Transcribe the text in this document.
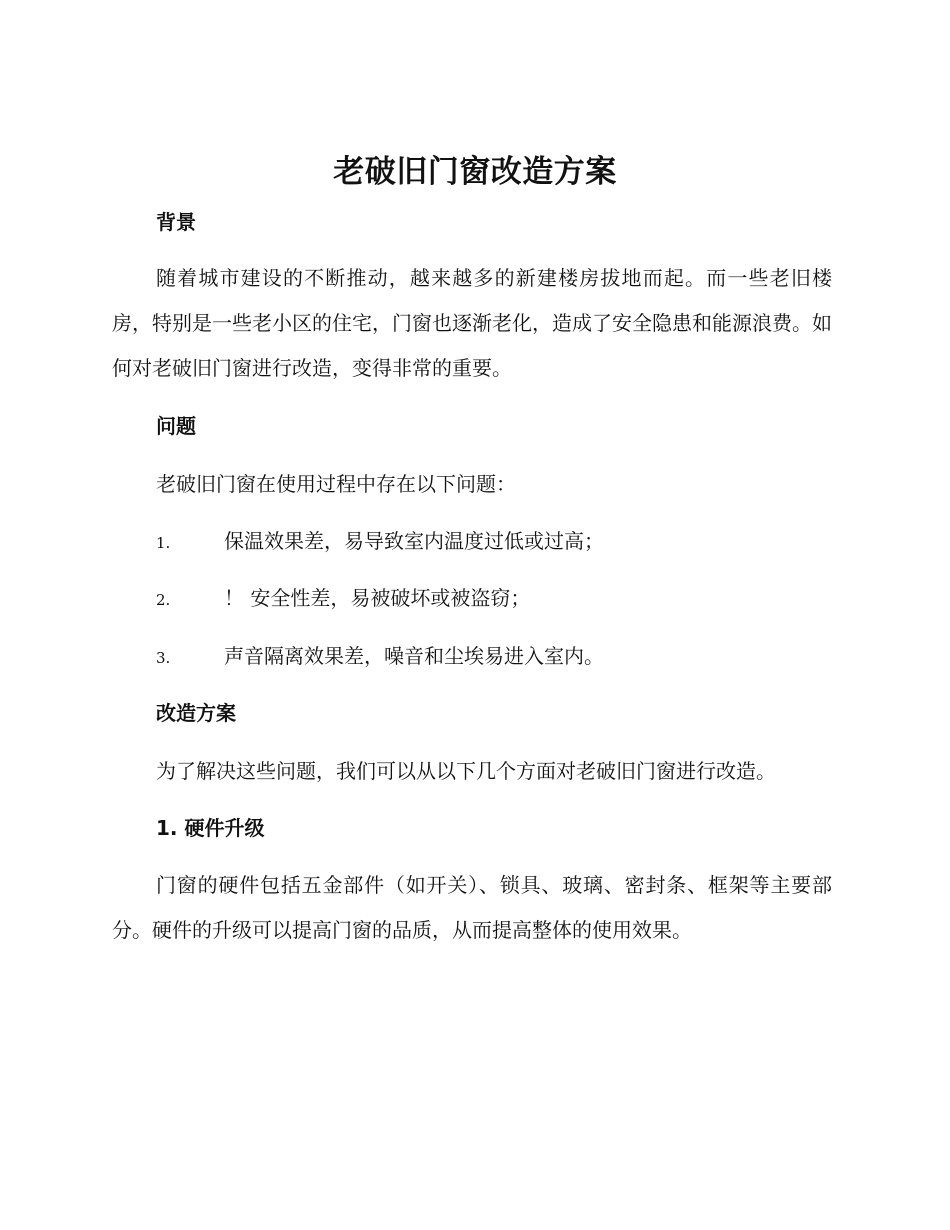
老破旧门窗改造方案
背景

随着城市建设的不断推动，越来越多的新建楼房拔地而起。而一些老旧楼房，特别是一些老小区的住宅，门窗也逐渐老化，造成了安全隐患和能源浪费。如何对老破旧门窗进行改造，变得非常的重要。

问题

老破旧门窗在使用过程中存在以下问题：

1.	保温效果差，易导致室内温度过低或过高；
2.	！ 安全性差，易被破坏或被盗窃；
3.	声音隔离效果差，噪音和尘埃易进入室内。
改造方案

为了解决这些问题，我们可以从以下几个方面对老破旧门窗进行改造。

1. 硬件升级

门窗的硬件包括五金部件（如开关）、锁具、玻璃、密封条、框架等主要部分。硬件的升级可以提高门窗的品质，从而提高整体的使用效果。
